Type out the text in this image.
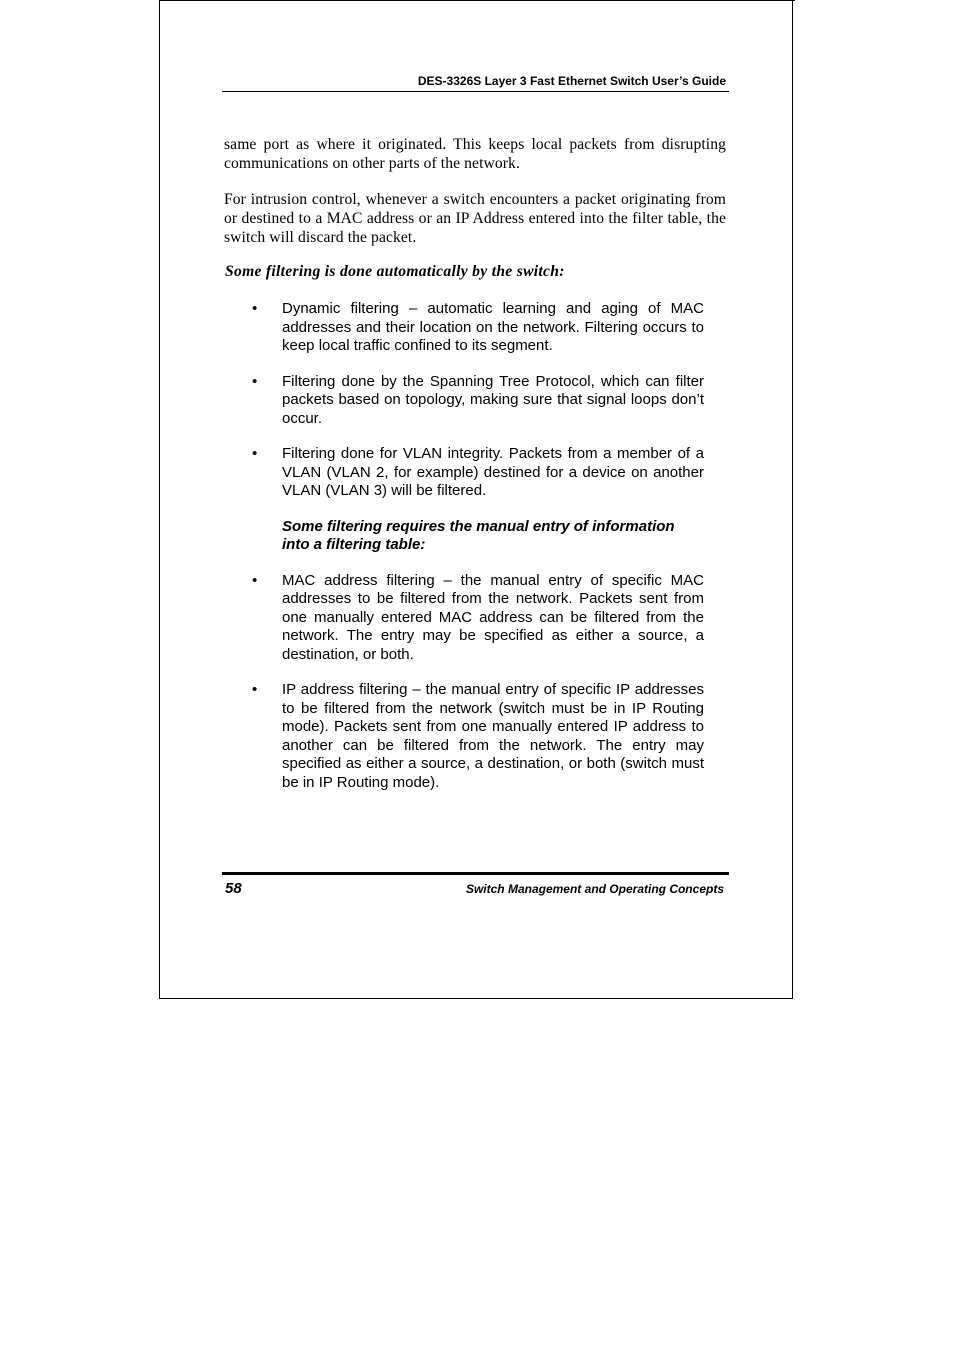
DES-3326S Layer 3 Fast Ethernet Switch User’s Guide
same port as where it originated. This keeps local packets from disrupting communications on other parts of the network.
For intrusion control, whenever a switch encounters a packet originating from or destined to a MAC address or an IP Address entered into the filter table, the switch will discard the packet.
Some filtering is done automatically by the switch:
•	Dynamic filtering – automatic learning and aging of MAC addresses and their location on the network. Filtering occurs to keep local traffic confined to its segment.
•	Filtering done by the Spanning Tree Protocol, which can filter packets based on topology, making sure that signal loops don’t occur.
•	Filtering done for VLAN integrity. Packets from a member of a VLAN (VLAN 2, for example) destined for a device on another VLAN (VLAN 3) will be filtered.
Some filtering requires the manual entry of information into a filtering table:
•	MAC address filtering – the manual entry of specific MAC addresses to be filtered from the network. Packets sent from one manually entered MAC address can be filtered from the network. The entry may be specified as either a source, a destination, or both.
•	IP address filtering – the manual entry of specific IP addresses to be filtered from the network (switch must be in IP Routing mode). Packets sent from one manually entered IP address to another can be filtered from the network. The entry may specified as either a source, a destination, or both (switch must be in IP Routing mode).
58	Switch Management and Operating Concepts
